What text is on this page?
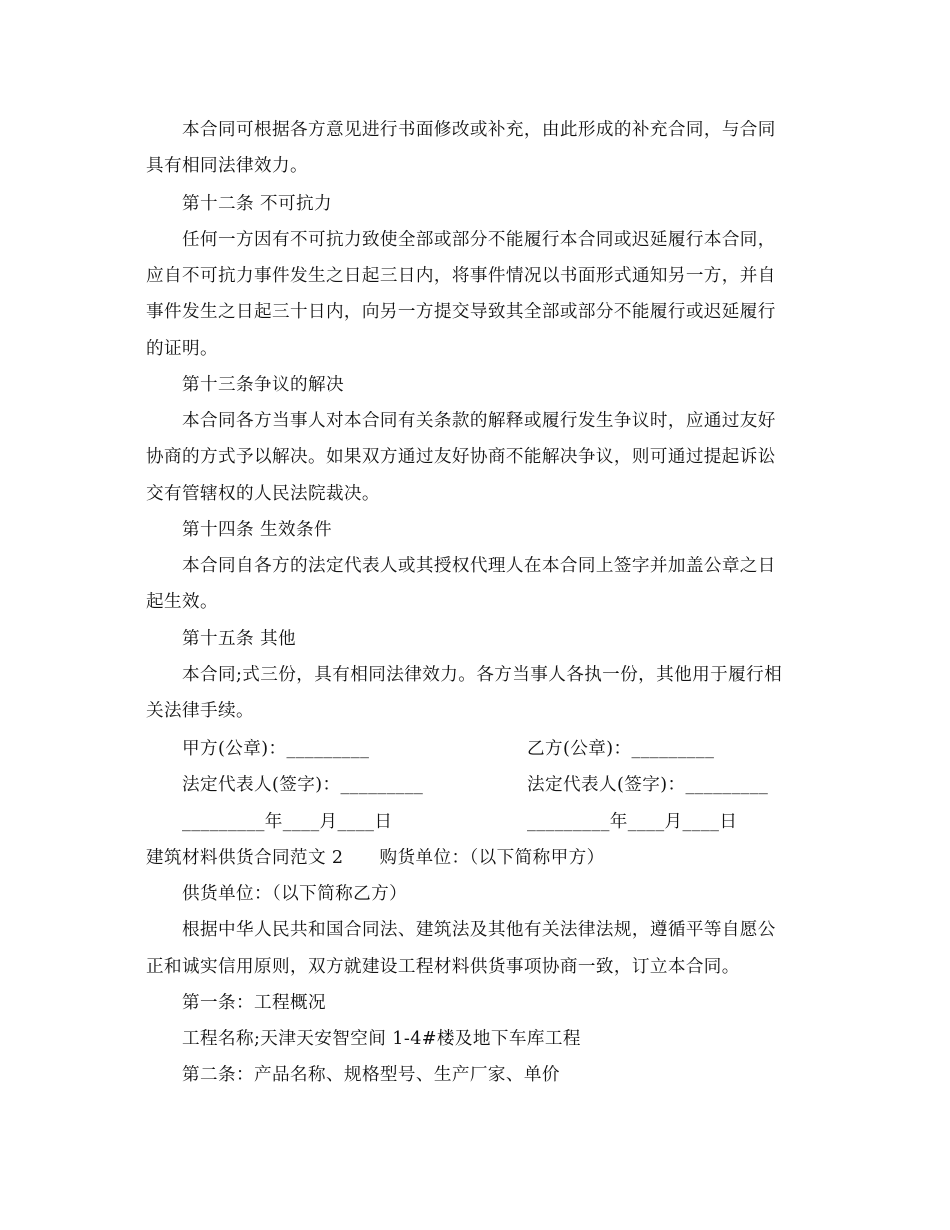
本合同可根据各方意见进行书面修改或补充，由此形成的补充合同，与合同
具有相同法律效力。
第十二条 不可抗力
任何一方因有不可抗力致使全部或部分不能履行本合同或迟延履行本合同，
应自不可抗力事件发生之日起三日内，将事件情况以书面形式通知另一方，并自
事件发生之日起三十日内，向另一方提交导致其全部或部分不能履行或迟延履行
的证明。
第十三条争议的解决
本合同各方当事人对本合同有关条款的解释或履行发生争议时，应通过友好
协商的方式予以解决。如果双方通过友好协商不能解决争议，则可通过提起诉讼
交有管辖权的人民法院裁决。
第十四条 生效条件
本合同自各方的法定代表人或其授权代理人在本合同上签字并加盖公章之日
起生效。
第十五条 其他
本合同;式三份，具有相同法律效力。各方当事人各执一份，其他用于履行相
关法律手续。
甲方(公章)：_________	乙方(公章)：_________
法定代表人(签字)：_________	法定代表人(签字)：_________
_________年____月____日	_________年____月____日
建筑材料供货合同范文 2　　购货单位：（以下简称甲方）
供货单位：（以下简称乙方）
根据中华人民共和国合同法、建筑法及其他有关法律法规，遵循平等自愿公
正和诚实信用原则，双方就建设工程材料供货事项协商一致，订立本合同。
第一条：工程概况
工程名称;天津天安智空间 1-4#楼及地下车库工程
第二条：产品名称、规格型号、生产厂家、单价
